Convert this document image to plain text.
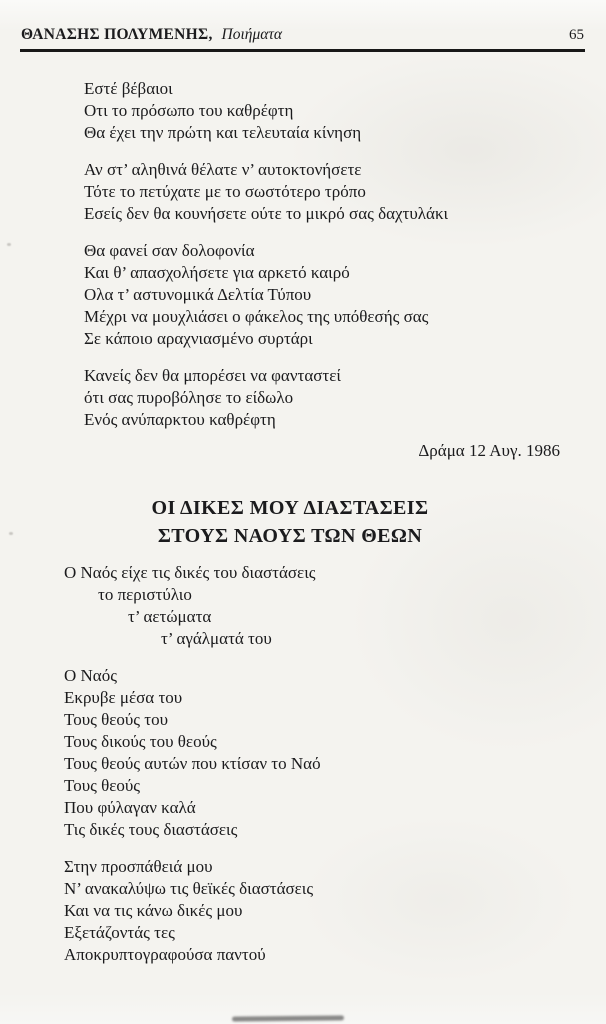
ΘΑΝΑΣΗΣ ΠΟΛΥΜΕΝΗΣ, Ποιήματα	65

Εστέ βέβαιοι

Οτι το πρόσωπο του καθρέφτη

Θα έχει την πρώτη και τελευταία κίνηση

Αν στ’ αληθινά θέλατε ν’ αυτοκτονήσετε

Τότε το πετύχατε με το σωστότερο τρόπο

Εσείς δεν θα κουνήσετε ούτε το μικρό σας δαχτυλάκι

Θα φανεί σαν δολοφονία

Και θ’ απασχολήσετε για αρκετό καιρό

Ολα τ’ αστυνομικά Δελτία Τύπου

Μέχρι να μουχλιάσει ο φάκελος της υπόθεσής σας

Σε κάποιο αραχνιασμένο συρτάρι

Κανείς δεν θα μπορέσει να φανταστεί

ότι σας πυροβόλησε το είδωλο

Ενός ανύπαρκτου καθρέφτη

Δράμα 12 Αυγ. 1986

ΟΙ ΔΙΚΕΣ ΜΟΥ ΔΙΑΣΤΑΣΕΙΣ
ΣΤΟΥΣ ΝΑΟΥΣ ΤΩΝ ΘΕΩΝ

Ο Ναός είχε τις δικές του διαστάσεις

το περιστύλιο

τ’ αετώματα

τ’ αγάλματά του

Ο Ναός

Εκρυβε μέσα του

Τους θεούς του

Τους δικούς του θεούς

Τους θεούς αυτών που κτίσαν το Ναό

Τους θεούς

Που φύλαγαν καλά

Τις δικές τους διαστάσεις

Στην προσπάθειά μου

Ν’ ανακαλύψω τις θεϊκές διαστάσεις

Και να τις κάνω δικές μου

Εξετάζοντάς τες

Αποκρυπτογραφούσα παντού
